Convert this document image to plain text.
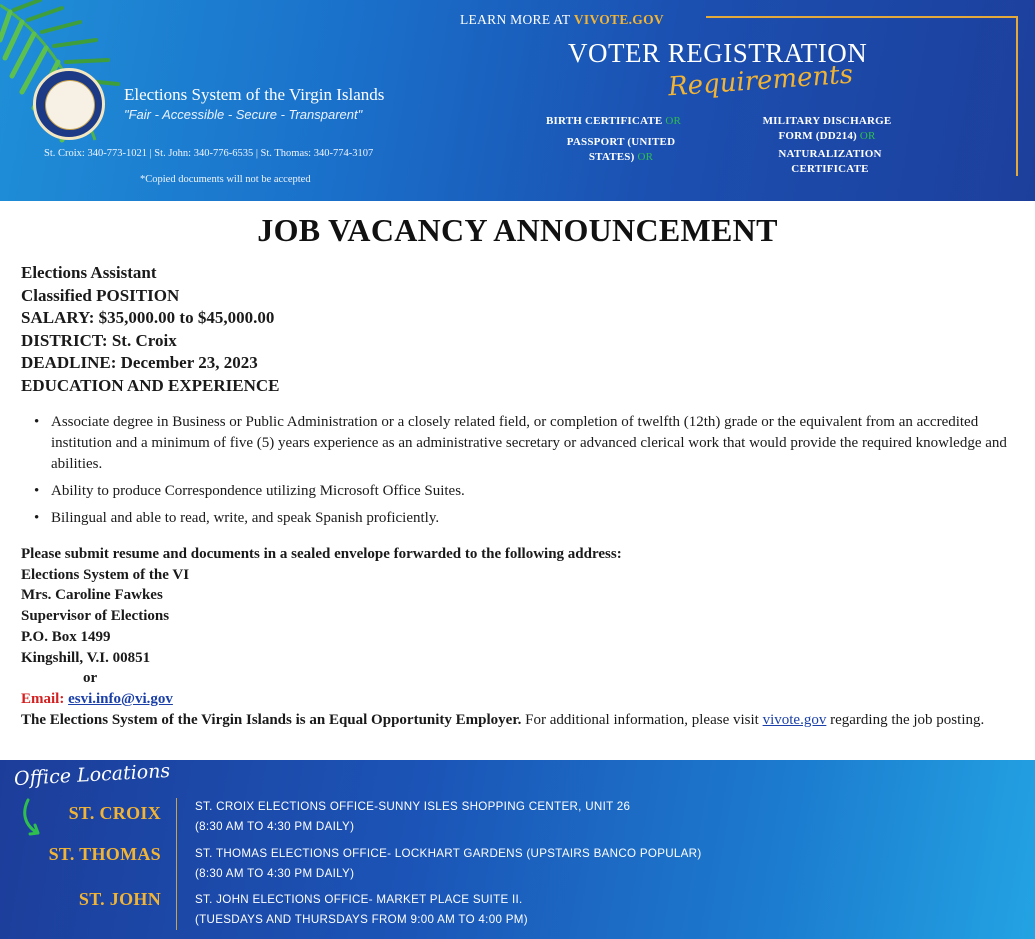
Elections System of the Virgin Islands
"Fair - Accessible - Secure - Transparent"
St. Croix: 340-773-1021 | St. John: 340-776-6535 | St. Thomas: 340-774-3107
*Copied documents will not be accepted
LEARN MORE AT VIVOTE.GOV
VOTER REGISTRATION
Requirements
BIRTH CERTIFICATE OR
PASSPORT (UNITED STATES) OR
MILITARY DISCHARGE FORM (DD214) OR
NATURALIZATION CERTIFICATE
JOB VACANCY ANNOUNCEMENT
Elections Assistant
Classified POSITION
SALARY: $35,000.00 to $45,000.00
DISTRICT: St. Croix
DEADLINE: December 23, 2023
EDUCATION AND EXPERIENCE
• Associate degree in Business or Public Administration or a closely related field, or completion of twelfth (12th) grade or the equivalent from an accredited institution and a minimum of five (5) years experience as an administrative secretary or advanced clerical work that would provide the required knowledge and abilities.
• Ability to produce Correspondence utilizing Microsoft Office Suites.
• Bilingual and able to read, write, and speak Spanish proficiently.
Please submit resume and documents in a sealed envelope forwarded to the following address:
Elections System of the VI
Mrs. Caroline Fawkes
Supervisor of Elections
P.O. Box 1499
Kingshill, V.I. 00851
or
Email: esvi.info@vi.gov
The Elections System of the Virgin Islands is an Equal Opportunity Employer. For additional information, please visit vivote.gov regarding the job posting.
Office Locations
ST. CROIX
ST. THOMAS
ST. JOHN
ST. CROIX ELECTIONS OFFICE-SUNNY ISLES SHOPPING CENTER, UNIT 26
(8:30 AM TO 4:30 PM DAILY)
ST. THOMAS ELECTIONS OFFICE- LOCKHART GARDENS (UPSTAIRS BANCO POPULAR)
(8:30 AM TO 4:30 PM DAILY)
ST. JOHN ELECTIONS OFFICE- MARKET PLACE SUITE II.
(TUESDAYS AND THURSDAYS FROM 9:00 AM TO 4:00 PM)
